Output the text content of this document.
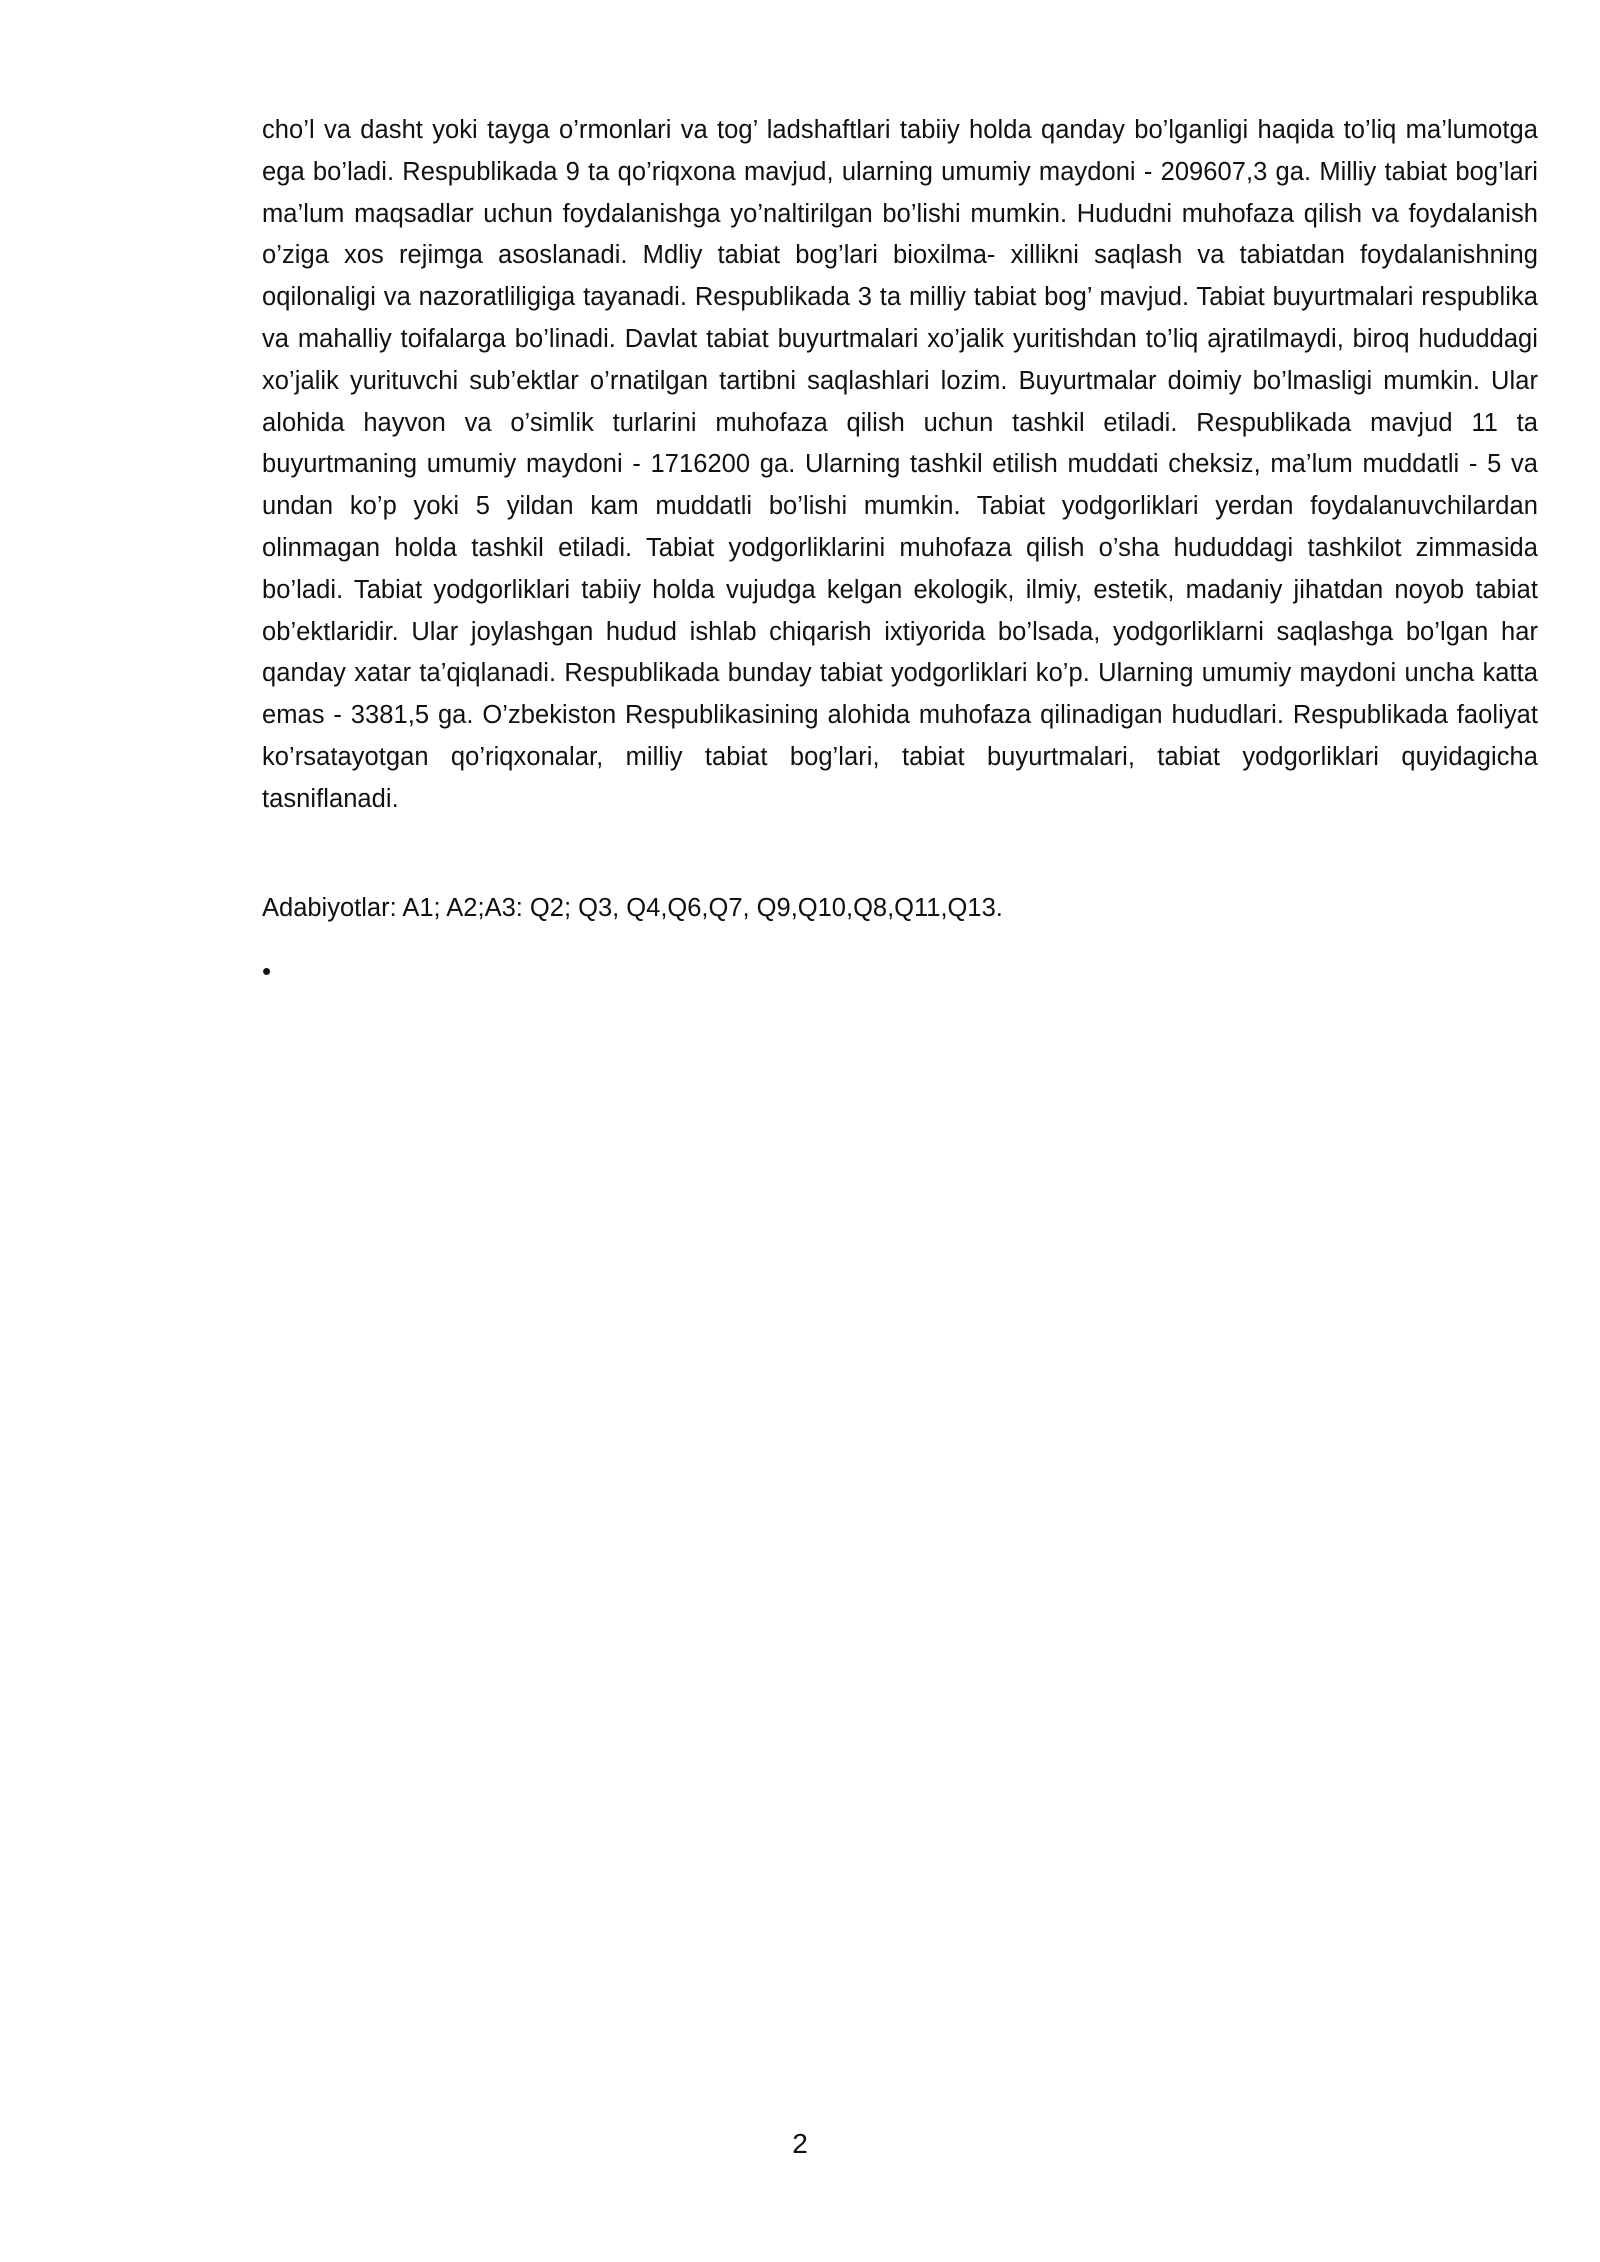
cho’l va dasht yoki tayga o’rmonlari va tog’ ladshaftlari tabiiy holda qanday bo’lganligi haqida to’liq ma’lumotga ega bo’ladi. Respublikada 9 ta qo’riqxona mavjud, ularning umumiy maydoni - 209607,3 ga. Milliy tabiat bog’lari ma’lum maqsadlar uchun foydalanishga yo’naltirilgan bo’lishi mumkin. Hududni muhofaza qilish va foydalanish o’ziga xos rejimga asoslanadi. Mdliy tabiat bog’lari bioxilma- xillikni saqlash va tabiatdan foydalanishning oqilonaligi va nazoratliligiga tayanadi. Respublikada 3 ta milliy tabiat bog’ mavjud. Tabiat buyurtmalari respublika va mahalliy toifalarga bo’linadi. Davlat tabiat buyurtmalari xo’jalik yuritishdan to’liq ajratilmaydi, biroq hududdagi xo’jalik yurituvchi sub’ektlar o’rnatilgan tartibni saqlashlari lozim. Buyurtmalar doimiy bo’lmasligi mumkin. Ular alohida hayvon va o’simlik turlarini muhofaza qilish uchun tashkil etiladi. Respublikada mavjud 11 ta buyurtmaning umumiy maydoni - 1716200 ga. Ularning tashkil etilish muddati cheksiz, ma’lum muddatli - 5 va undan ko’p yoki 5 yildan kam muddatli bo’lishi mumkin. Tabiat yodgorliklari yerdan foydalanuvchilardan olinmagan holda tashkil etiladi. Tabiat yodgorliklarini muhofaza qilish o’sha hududdagi tashkilot zimmasida bo’ladi. Tabiat yodgorliklari tabiiy holda vujudga kelgan ekologik, ilmiy, estetik, madaniy jihatdan noyob tabiat ob’ektlaridir. Ular joylashgan hudud ishlab chiqarish ixtiyorida bo’lsada, yodgorliklarni saqlashga bo’lgan har qanday xatar ta’qiqlanadi. Respublikada bunday tabiat yodgorliklari ko’p. Ularning umumiy maydoni uncha katta emas - 3381,5 ga. O’zbekiston Respublikasining alohida muhofaza qilinadigan hududlari. Respublikada faoliyat ko’rsatayotgan qo’riqxonalar, milliy tabiat bog’lari, tabiat buyurtmalari, tabiat yodgorliklari quyidagicha tasniflanadi.

Adabiyotlar: A1; A2;A3: Q2; Q3, Q4,Q6,Q7, Q9,Q10,Q8,Q11,Q13.

•
2
